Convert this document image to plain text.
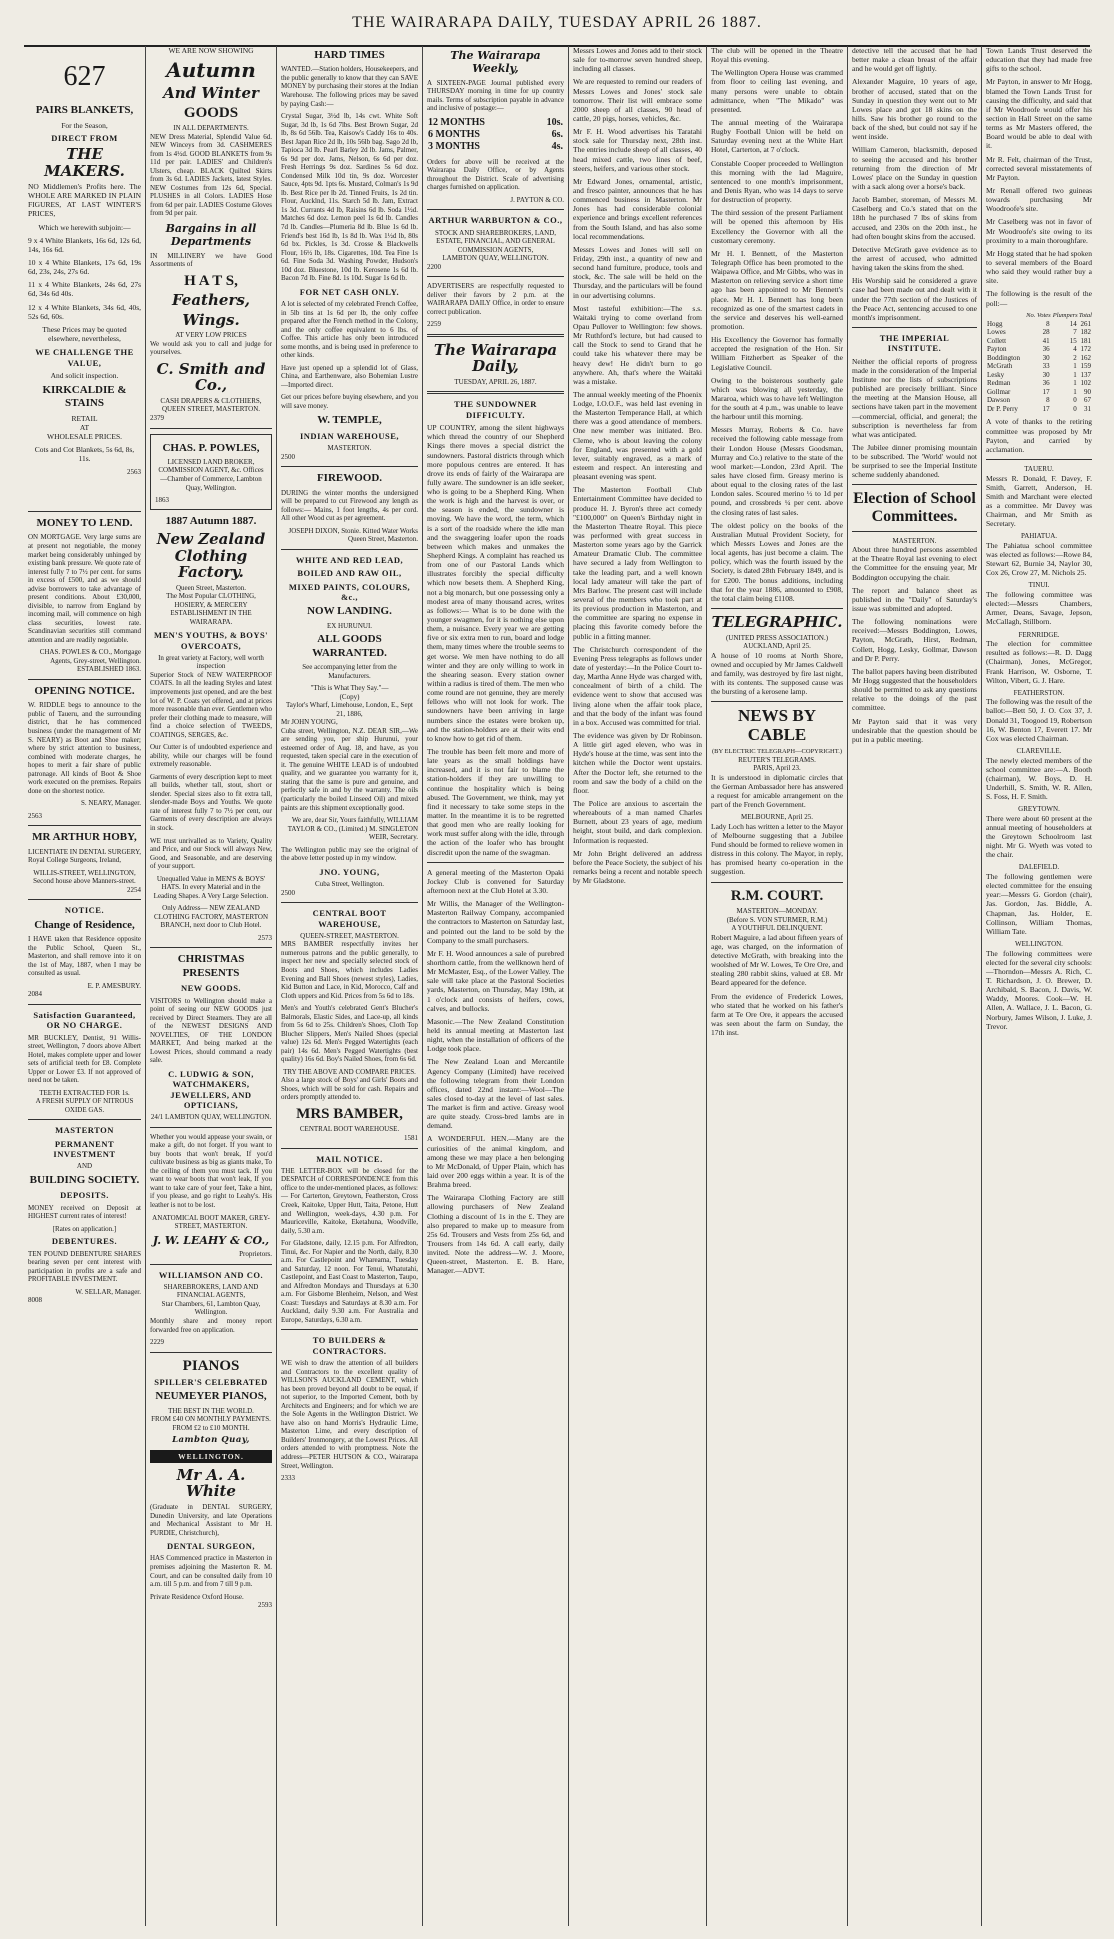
THE WAIRARAPA DAILY, TUESDAY APRIL 26 1887.
627
PAIRS BLANKETS,
For the Season,
DIRECT FROM
THE MAKERS.
NO Middlemen's Profits here. The WHOLE ARE MARKED IN PLAIN FIGURES, AT LAST WINTER'S PRICES,
Which we herewith subjoin:—
9 x 4 White Blankets, 16s 6d, 12s 6d, 14s, 16s 6d.
10 x 4 White Blankets, 17s 6d, 19s 6d, 23s, 24s, 27s 6d.
11 x 4 White Blankets, 24s 6d, 27s 6d, 34s 6d 40s.
12 x 4 White Blankets, 34s 6d, 40s, 52s 6d, 60s.
These Prices may be quoted elsewhere, nevertheless,
WE CHALLENGE THE VALUE,
And solicit inspection.
KIRKCALDIE & STAINS
RETAIL
AT
WHOLESALE PRICES.
Cots and Cot Blankets, 5s 6d, 8s, 11s.
2563
MONEY TO LEND.
ON MORTGAGE. Very large sums are at present not negotiable, the money market being considerably unhinged by existing bank pressure. We quote rate of interest fully 7 to 7½ per cent. for sums in excess of £500, and as we should advise borrowers to take advantage of present conditions. About £30,000, divisible, to narrow from England by incoming mail, will commence on high class securities, lowest rate. Scandinavian securities still command attention and are readily negotiable.
CHAS. POWLES & CO., Mortgage Agents, Grey-street, Wellington. ESTABLISHED 1863.
OPENING NOTICE.
W. RIDDLE begs to announce to the public of Taueru, and the surrounding district, that he has commenced business (under the management of Mr S. NEARY) as Boot and Shoe maker; where by strict attention to business, combined with moderate charges, he hopes to merit a fair share of public patronage. All kinds of Boot & Shoe work executed on the premises. Repairs done on the shortest notice.
S. NEARY, Manager.
2563
MR ARTHUR HOBY,
LICENTIATE IN DENTAL SURGERY, Royal College Surgeons, Ireland,
WILLIS-STREET, WELLINGTON,
Second house above Manners-street.
2254
NOTICE.
Change of Residence,
I HAVE taken that Residence opposite the Public School, Queen St., Masterton, and shall remove into it on the 1st of May, 1887, when I may be consulted as usual.
E. P. AMESBURY.
2084
Satisfaction Guaranteed, OR NO CHARGE.
MR BUCKLEY, Dentist, 91 Willis-street, Wellington, 7 doors above Albert Hotel, makes complete upper and lower sets of artificial teeth for £8. Complete Upper or Lower £3. If not approved of need not be taken.
TEETH EXTRACTED FOR 1s.
A FRESH SUPPLY OF NITROUS OXIDE GAS.
MASTERTON
PERMANENT INVESTMENT
AND
BUILDING SOCIETY.
DEPOSITS.
MONEY received on Deposit at HIGHEST current rates of interest!
[Rates on application.]
DEBENTURES.
TEN POUND DEBENTURE SHARES bearing seven per cent interest with participation in profits are a safe and PROFITABLE INVESTMENT.
W. SELLAR, Manager.
8008
WE ARE NOW SHOWING
Autumn
And Winter
GOODS
IN ALL DEPARTMENTS.
NEW Dress Material, Splendid Value 6d. NEW Winceys from 3d. CASHMERES from 1s 4½d. GOOD BLANKETS from 9s 11d per pair. LADIES' and Children's Ulsters, cheap. BLACK Quilted Skirts from 3s 6d. LADIES Jackets, latest Styles. NEW Costumes from 12s 6d, Special. PLUSHES in all Colors. LADIES Hose from 6d per pair. LADIES Costume Gloves from 9d per pair.
Bargains in all Departments
IN MILLINERY we have Good Assortments of
H A T S,
Feathers,
Wings.
AT VERY LOW PRICES
We would ask you to call and judge for yourselves.
C. Smith and Co.,
CASH DRAPERS & CLOTHIERS,
QUEEN STREET, MASTERTON.
2379
CHAS. P. POWLES,
LICENSED LAND BROKER, COMMISSION AGENT, &c. Offices—Chamber of Commerce, Lambton Quay, Wellington.
1863
1887 Autumn 1887.
New Zealand Clothing Factory.
Queen Street, Masterton.
The Most Popular CLOTHING, HOSIERY, & MERCERY ESTABLISHMENT IN THE WAIRARAPA.
MEN'S YOUTHS, & BOYS' OVERCOATS,
In great variety at Factory, well worth inspection
Superior Stock of NEW WATERPROOF COATS. In all the leading Styles and latest improvements just opened, and are the best lot of W. P. Coats yet offered, and at prices more reasonable than ever. Gentlemen who prefer their clothing made to measure, will find a choice selection of TWEEDS, COATINGS, SERGES, &c.
Our Cutter is of undoubted experience and ability, while our charges will be found extremely reasonable.
Garments of every description kept to meet all builds, whether tall, stout, short or slender. Special sizes also to fit extra tall, slender-made Boys and Youths. We quote rate of interest fully 7 to 7½ per cent, our Garments of every description are always in stock.
WE trust unrivalled as to Variety, Quality and Price, and our Stock will always New, Good, and Seasonable, and are deserving of your support.
Unequalled Value in MEN'S & BOYS' HATS. In every Material and in the Leading Shapes. A Very Large Selection.
Only Address— NEW ZEALAND CLOTHING FACTORY, MASTERTON BRANCH, next door to Club Hotel.
2573
CHRISTMAS PRESENTS
NEW GOODS.
VISITORS to Wellington should make a point of seeing our NEW GOODS just received by Direct Steamers. They are all of the NEWEST DESIGNS AND NOVELTIES, OF THE LONDON MARKET, And being marked at the Lowest Prices, should command a ready sale.
C. LUDWIG & SON, WATCHMAKERS, JEWELLERS, AND OPTICIANS,
24/1 LAMBTON QUAY, WELLINGTON.
Whether you would appease your swain, or make a gift, do not forget. If you want to buy boots that won't break, If you'd cultivate business as big as giants make, To the ceiling of them you must tack. If you want to wear boots that won't leak, If you want to take care of your feet, Take a hint, if you please, and go right to Leahy's. His leather is not to be lost.
ANATOMICAL BOOT MAKER, GREY-STREET, MASTERTON.
J. W. LEAHY & CO.,
Proprietors.
WILLIAMSON AND CO.
SHAREBROKERS, LAND AND FINANCIAL AGENTS,
Star Chambers, 61, Lambton Quay, Wellington.
Monthly share and money report forwarded free on application.
2229
PIANOS
SPILLER'S CELEBRATED
NEUMEYER PIANOS,
THE BEST IN THE WORLD.
FROM £40 ON MONTHLY PAYMENTS.
FROM £2 to £10 MONTH.
Lambton Quay,
WELLINGTON.
Mr A. A. White
(Graduate in DENTAL SURGERY, Dunedin University, and late Operations and Mechanical Assistant to Mr H. PURDIE, Christchurch),
DENTAL SURGEON,
HAS Commenced practice in Masterton in premises adjoining the Masterton R. M. Court, and can be consulted daily from 10 a.m. till 5 p.m. and from 7 till 9 p.m.
Private Residence Oxford House.
2593
HARD TIMES
WANTED.—Station holders, Housekeepers, and the public generally to know that they can SAVE MONEY by purchasing their stores at the Indian Warehouse. The following prices may be saved by paying Cash:—
Crystal Sugar, 3½d lb, 14s cwt. White Soft Sugar, 3d lb, 1s 6d 7lbs. Best Brown Sugar, 2d lb, 8s 6d 56lb. Tea, Kaisow's Caddy 16s to 40s. Best Japan Rice 2d lb, 10s 56lb bag. Sago 2d lb, Tapioca 3d lb. Pearl Barley 2d lb. Jams, Palmer, 6s 9d per doz. Jams, Nelson, 6s 6d per doz. Fresh Herrings 9s doz. Sardines 5s 6d doz. Condensed Milk 10d tin, 9s doz. Worcester Sauce, 4pts 9d. 1pts 6s. Mustard, Colman's 1s 9d lb. Best Rice per lb 2d. Tinned Fruits, 1s 2d tin. Flour, Aucklnd, 11s. Starch 5d lb. Jam, Extract 1s 3d. Currants 4d lb, Raisins 6d lb. Soda 1½d. Matches 6d doz. Lemon peel 1s 6d lb. Candles 7d lb. Candles—Plumeria 8d lb. Blue 1s 6d lb. Friend's best 16d lb, 1s 8d lb. Wax 1½d lb, 80s 6d bx. Pickles, 1s 3d. Crosse & Blackwells Flour, 16½ lb, 18s. Cigarettes, 10d. Tea Fine 1s 6d. Fine Soda 3d. Washing Powder, Hudson's 10d doz. Bluestone, 10d lb. Kerosene 1s 6d lb. Bacon 7d lb. Fine 8d. 1s 10d. Sugar 1s 6d lb.
FOR NET CASH ONLY.
A lot is selected of my celebrated French Coffee, in 5lb tins at 1s 6d per lb, the only coffee prepared after the French method in the Colony, and the only coffee equivalent to 6 lbs. of Coffee. This article has only been introduced some months, and is being used in preference to other kinds.
Have just opened up a splendid lot of Glass, China, and Earthenware, also Bohemian Lustre—Imported direct.
Get our prices before buying elsewhere, and you will save money.
W. TEMPLE,
INDIAN WAREHOUSE,
MASTERTON.
2500
FIREWOOD.
DURING the winter months the undersigned will be prepared to cut Firewood any length as follows:— Mains, 1 foot lengths, 4s per cord. All other Wood cut as per agreement.
JOSEPH DIXON, Stonie. Kitted Water Works Queen Street, Masterton.
WHITE AND RED LEAD,
BOILED AND RAW OIL,
MIXED PAINTS, COLOURS, &c.,
NOW LANDING.
EX HURUNUI.
ALL GOODS WARRANTED.
See accompanying letter from the Manufacturers.
"This is What They Say."—
(Copy)
Taylor's Wharf, Limehouse, London, E., Sept 21, 1886,
Mr JOHN YOUNG,
Cuba street, Wellington, N.Z. DEAR SIR,—We are sending you, per ship Hurunui, your esteemed order of Aug. 18, and have, as you requested, taken special care in the execution of it. The genuine WHITE LEAD is of undoubted quality, and we guarantee you warranty for it, stating that the same is pure and genuine, and perfectly safe in and by the warranty. The oils (particularly the boiled Linseed Oil) and mixed paints are this shipment exceptionally good.
We are, dear Sir, Yours faithfully, WILLIAM TAYLOR & CO., (Limited.) M. SINGLETON WEIR, Secretary.
The Wellington public may see the original of the above letter posted up in my window.
JNO. YOUNG,
Cuba Street, Wellington.
2500
CENTRAL BOOT WAREHOUSE,
QUEEN-STREET, MASTERTON.
MRS BAMBER respectfully invites her numerous patrons and the public generally, to inspect her new and specially selected stock of Boots and Shoes, which includes Ladies Evening and Ball Shoes (newest styles), Ladies, Kid Button and Lace, in Kid, Morocco, Calf and Cloth uppers and Kid. Prices from 5s 6d to 18s.
Men's and Youth's celebrated Gent's Blucher's Balmorals, Elastic Sides, and Lace-up, all kinds from 5s 6d to 25s. Children's Shoes, Cloth Top Blucher Slippers, Men's Nailed Shoes (special value) 12s 6d. Men's Pegged Watertights (each pair) 14s 6d. Men's Pegged Watertights (best quality) 16s 6d. Boy's Nailed Shoes, from 6s 6d.
TRY THE ABOVE AND COMPARE PRICES.
Also a large stock of Boys' and Girls' Boots and Shoes, which will be sold for cash. Repairs and orders promptly attended to.
MRS BAMBER,
CENTRAL BOOT WAREHOUSE.
1581
MAIL NOTICE.
THE LETTER-BOX will be closed for the DESPATCH of CORRESPONDENCE from this office to the under-mentioned places, as follows:— For Carterton, Greytown, Featherston, Cross Creek, Kaitoke, Upper Hutt, Taita, Petone, Hutt and Wellington, week-days, 4.30 p.m. For Mauriceville, Kaitoke, Eketahuna, Woodville, daily, 5.30 a.m.
For Gladstone, daily, 12.15 p.m. For Alfredton, Tinui, &c. For Napier and the North, daily, 8.30 a.m. For Castlepoint and Whareama, Tuesday and Saturday, 12 noon. For Tenui, Whatutahi, Castlepoint, and East Coast to Masterton, Taupo, and Alfredton Mondays and Thursdays at 6.30 a.m. For Gisborne Blenheim, Nelson, and West Coast: Tuesdays and Saturdays at 8.30 a.m. For Auckland, daily 9.30 a.m. For Australia and Europe, Saturdays, 6.30 a.m.
TO BUILDERS & CONTRACTORS.
WE wish to draw the attention of all builders and Contractors to the excellent quality of WILLSON'S AUCKLAND CEMENT, which has been proved beyond all doubt to be equal, if not superior, to the Imported Cement, both by Architects and Engineers; and for which we are the Sole Agents in the Wellington District. We have also on hand Morris's Hydraulic Lime, Masterton Lime, and every description of Builders' Ironmongery, at the Lowest Prices. All orders attended to with promptness. Note the address—PETER HUTSON & CO., Wairarapa Street, Wellington.
2333
The Wairarapa Weekly,
A SIXTEEN-PAGE Journal published every THURSDAY morning in time for up country mails. Terms of subscription payable in advance and inclusive of postage:—
12 MONTHS	10s.
6 MONTHS	6s.
3 MONTHS	4s.
Orders for above will be received at the Wairarapa Daily Office, or by Agents throughout the District. Scale of advertising charges furnished on application.
J. PAYTON & CO.
ARTHUR WARBURTON & CO.,
STOCK AND SHAREBROKERS, LAND, ESTATE, FINANCIAL, AND GENERAL COMMISSION AGENTS,
LAMBTON QUAY, WELLINGTON.
2200
ADVERTISERS are respectfully requested to deliver their favors by 2 p.m. at the WAIRARAPA DAILY Office, in order to ensure correct publication.
2259
The Wairarapa Daily,
TUESDAY, APRIL 26, 1887.
THE SUNDOWNER DIFFICULTY.
UP COUNTRY, among the silent highways which thread the country of our Shepherd Kings there moves a special district the sundowners. Pastoral districts through which more populous centres are entered. It has drove its ends of fairly of the Wairarapa are fully aware. The sundowner is an idle seeker, who is going to be a Shepherd King. When the work is high and the harvest is over, or the season is ended, the sundowner is moving. We have the word, the term, which is a sort of the roadside where the idle man and the swaggering loafer upon the roads between which makes and unmakes the Shepherd Kings. A complaint has reached us from one of our Pastoral Lands which illustrates forcibly the special difficulty which now besets them. A Shepherd King, not a big monarch, but one possessing only a modest area of many thousand acres, writes as follows:— What is to be done with the younger swagmen, for it is nothing else upon them, a nuisance. Every year we are getting five or six extra men to run, board and lodge them, many times where the trouble seems to get worse. We men have nothing to do all winter and they are only willing to work in the shearing season. Every station owner within a radius is tired of them. The men who come round are not genuine, they are merely fellows who will not look for work. The sundowners have been arriving in large numbers since the estates were broken up, and the station-holders are at their wits end to know how to get rid of them.
The trouble has been felt more and more of late years as the small holdings have increased, and it is not fair to blame the station-holders if they are unwilling to continue the hospitality which is being abused. The Government, we think, may yet find it necessary to take some steps in the matter. In the meantime it is to be regretted that good men who are really looking for work must suffer along with the idle, through the action of the loafer who has brought discredit upon the name of the swagman.
A general meeting of the Masterton Opaki Jockey Club is convened for Saturday afternoon next at the Club Hotel at 3.30.
Mr Willis, the Manager of the Wellington-Masterton Railway Company, accompanied the contractors to Masterton on Saturday last, and pointed out the land to be sold by the Company to the small purchasers.
Mr F. H. Wood announces a sale of purebred shorthorn cattle, from the wellknown herd of Mr McMaster, Esq., of the Lower Valley. The sale will take place at the Pastoral Societies yards, Masterton, on Thursday, May 19th, at 1 o'clock and consists of heifers, cows, calves, and bullocks.
Masonic.—The New Zealand Constitution held its annual meeting at Masterton last night, when the installation of officers of the Lodge took place.
The New Zealand Loan and Mercantile Agency Company (Limited) have received the following telegram from their London offices, dated 22nd instant:—Wool—The sales closed to-day at the level of last sales. The market is firm and active. Greasy wool are quite steady. Cross-bred lambs are in demand.
A WONDERFUL HEN.—Many are the curiosities of the animal kingdom, and among these we may place a hen belonging to Mr McDonald, of Upper Plain, which has laid over 200 eggs within a year. It is of the Brahma breed.
The Wairarapa Clothing Factory are still allowing purchasers of New Zealand Clothing a discount of 1s in the £. They are also prepared to make up to measure from 25s 6d. Trousers and Vests from 25s 6d, and Trousers from 14s 6d. A call early, daily invited. Note the address—W. J. Moore, Queen-street, Masterton. E. B. Hare, Manager.—ADVT.
Messrs Lowes and Jones add to their stock sale for to-morrow seven hundred sheep, including all classes.
We are requested to remind our readers of Messrs Lowes and Jones' stock sale tomorrow. Their list will embrace some 2000 sheep of all classes, 90 head of cattle, 20 pigs, horses, vehicles, &c.
Mr F. H. Wood advertises his Taratahi stock sale for Thursday next, 28th inst. The entries include sheep of all classes, 40 head mixed cattle, two lines of beef, steers, heifers, and various other stock.
Mr Edward Jones, ornamental, artistic, and fresco painter, announces that he has commenced business in Masterton. Mr Jones has had considerable colonial experience and brings excellent references from the South Island, and has also some local recommendations.
Messrs Lowes and Jones will sell on Friday, 29th inst., a quantity of new and second hand furniture, produce, tools and stock, &c. The sale will be held on the Thursday, and the particulars will be found in our advertising columns.
Most tasteful exhibition:—The s.s. Waitaki trying to come overland from Opau Pullover to Wellington: few shows. Mr Ruthford's lecture, but had caused to call the Stock to send to Grand that he could take his whatever there may be heavy dew! He didn't burn to go anywhere. Ah, that's where the Waitaki was a mistake.
The annual weekly meeting of the Phoenix Lodge, I.O.O.F., was held last evening in the Masterton Temperance Hall, at which there was a good attendance of members. One new member was initiated. Bro. Cleme, who is about leaving the colony for England, was presented with a gold lever, suitably engraved, as a mark of esteem and respect. An interesting and pleasant evening was spent.
The Masterton Football Club Entertainment Committee have decided to produce H. J. Byron's three act comedy "£100,000" on Queen's Birthday night in the Masterton Theatre Royal. This piece was performed with great success in Masterton some years ago by the Garrick Amateur Dramatic Club. The committee have secured a lady from Wellington to take the leading part, and a well known local lady amateur will take the part of Mrs Barlow. The present cast will include several of the members who took part at its previous production in Masterton, and the committee are sparing no expense in placing this favorite comedy before the public in a fitting manner.
The Christchurch correspondent of the Evening Press telegraphs as follows under date of yesterday:—In the Police Court to-day, Martha Anne Hyde was charged with, concealment of birth of a child. The evidence went to show that accused was living alone when the affair took place, and that the body of the infant was found in a box. Accused was committed for trial.
The evidence was given by Dr Robinson. A little girl aged eleven, who was in Hyde's house at the time, was sent into the kitchen while the Doctor went upstairs. After the Doctor left, she returned to the room and saw the body of a child on the floor.
The Police are anxious to ascertain the whereabouts of a man named Charles Burnett, about 23 years of age, medium height, stout build, and dark complexion. Information is requested.
Mr John Bright delivered an address before the Peace Society, the subject of his remarks being a recent and notable speech by Mr Gladstone.
The club will be opened in the Theatre Royal this evening.
The Wellington Opera House was crammed from floor to ceiling last evening, and many persons were unable to obtain admittance, when "The Mikado" was presented.
The annual meeting of the Wairarapa Rugby Football Union will be held on Saturday evening next at the White Hart Hotel, Carterton, at 7 o'clock.
Constable Cooper proceeded to Wellington this morning with the lad Maguire, sentenced to one month's imprisonment, and Denis Ryan, who was 14 days to serve for destruction of property.
The third session of the present Parliament will be opened this afternoon by His Excellency the Governor with all the customary ceremony.
Mr H. I. Bennett, of the Masterton Telegraph Office has been promoted to the Waipawa Office, and Mr Gibbs, who was in Masterton on relieving service a short time ago has been appointed to Mr Bennett's place. Mr H. I. Bennett has long been recognized as one of the smartest cadets in the service and deserves his well-earned promotion.
His Excellency the Governor has formally accepted the resignation of the Hon. Sir William Fitzherbert as Speaker of the Legislative Council.
Owing to the boisterous southerly gale which was blowing all yesterday, the Mararoa, which was to have left Wellington for the south at 4 p.m., was unable to leave the harbour until this morning.
Messrs Murray, Roberts & Co. have received the following cable message from their London House (Messrs Goodsman, Murray and Co.) relative to the state of the wool market:—London, 23rd April. The sales have closed firm. Greasy merino is about equal to the closing rates of the last London sales. Scoured merino ½ to 1d per pound, and crossbreds ¼ per cent. above the closing rates of last sales.
The oldest policy on the books of the Australian Mutual Provident Society, for which Messrs Lowes and Jones are the local agents, has just become a claim. The policy, which was the fourth issued by the Society, is dated 28th February 1849, and is for £200. The bonus additions, including that for the year 1886, amounted to £908, the total claim being £1108.
TELEGRAPHIC.
(UNITED PRESS ASSOCIATION.)
AUCKLAND, April 25.
A house of 10 rooms at North Shore, owned and occupied by Mr James Caldwell and family, was destroyed by fire last night, with its contents. The supposed cause was the bursting of a kerosene lamp.
NEWS BY CABLE
(BY ELECTRIC TELEGRAPH—COPYRIGHT.)
REUTER'S TELEGRAMS.
PARIS, April 23.
It is understood in diplomatic circles that the German Ambassador here has answered a request for amicable arrangement on the part of the French Government.
MELBOURNE, April 25.
Lady Loch has written a letter to the Mayor of Melbourne suggesting that a Jubilee Fund should be formed to relieve women in distress in this colony. The Mayor, in reply, has promised hearty co-operation in the suggestion.
R.M. COURT.
MASTERTON—MONDAY.
(Before S. VON STURMER, R.M.)
A YOUTHFUL DELINQUENT.
Robert Maguire, a lad about fifteen years of age, was charged, on the information of detective McGrath, with breaking into the woolshed of Mr W. Lowes, Te Ore Ore, and stealing 280 rabbit skins, valued at £8. Mr Beard appeared for the defence.
From the evidence of Frederick Lowes, who stated that he worked on his father's farm at Te Ore Ore, it appears the accused was seen about the farm on Sunday, the 17th inst.
detective tell the accused that he had better make a clean breast of the affair and he would get off lightly.
Alexander Maguire, 10 years of age, brother of accused, stated that on the Sunday in question they went out to Mr Lowes place and got 18 skins on the hills. Saw his brother go round to the back of the shed, but could not say if he went inside.
William Cameron, blacksmith, deposed to seeing the accused and his brother returning from the direction of Mr Lowes' place on the Sunday in question with a sack along over a horse's back.
Jacob Bamber, storeman, of Messrs M. Caselberg and Co.'s stated that on the 18th he purchased 7 lbs of skins from accused, and 230s on the 20th inst., he had often bought skins from the accused.
Detective McGrath gave evidence as to the arrest of accused, who admitted having taken the skins from the shed.
His Worship said he considered a grave case had been made out and dealt with it under the 77th section of the Justices of the Peace Act, sentencing accused to one month's imprisonment.
THE IMPERIAL INSTITUTE.
Neither the official reports of progress made in the consideration of the Imperial Institute nor the lists of subscriptions published are precisely brilliant. Since the meeting at the Mansion House, all sections have taken part in the movement—commercial, official, and general; the subscription is nevertheless far from what was anticipated.
The Jubilee dinner promising mountain to be subscribed. The 'World' would not be surprised to see the Imperial Institute scheme suddenly abandoned.
Election of School Committees.
MASTERTON.
About three hundred persons assembled at the Theatre Royal last evening to elect the Committee for the ensuing year, Mr Boddington occupying the chair.
The report and balance sheet as published in the "Daily" of Saturday's issue was submitted and adopted.
The following nominations were received:—Messrs Boddington, Lowes, Payton, McGrath, Hirst, Redman, Collett, Hogg, Lesky, Gollmar, Dawson and Dr P. Perry.
The ballot papers having been distributed Mr Hogg suggested that the householders should be permitted to ask any questions relative to the doings of the past committee.
Mr Payton said that it was very undesirable that the question should be put in a public meeting.
Town Lands Trust deserved the education that they had made free gifts to the school.
Mr Payton, in answer to Mr Hogg, blamed the Town Lands Trust for causing the difficulty, and said that if Mr Woodroofe would offer his section in Hall Street on the same terms as Mr Masters offered, the Board would be able to deal with it.
Mr R. Felt, chairman of the Trust, corrected several misstatements of Mr Payton.
Mr Renall offered two guineas towards purchasing Mr Woodroofe's site.
Mr Caselberg was not in favor of Mr Woodroofe's site owing to its proximity to a main thoroughfare.
Mr Hogg stated that he had spoken to several members of the Board who said they would rather buy a site.
The following is the result of the poll:—
	No. Votes	Plumpers	Total
Hogg	8	14	261
Lowes	28	7	182
Collett	41	15	181
Payton	36	4	172
Boddington	30	2	162
McGrath	33	1	159
Lesky	30	1	137
Redman	36	1	102
Gollmar	17	1	90
Dawson	8	0	67
Dr P. Perry	17	0	31
A vote of thanks to the retiring committee was proposed by Mr Payton, and carried by acclamation.
TAUERU.
Messrs R. Donald, F. Davey, F. Smith, Garrett, Anderson, H. Smith and Marchant were elected as a committee. Mr Davey was Chairman, and Mr Smith as Secretary.
PAHIATUA.
The Pahiatua school committee was elected as follows:—Rowe 84, Stewart 62, Burnie 34, Naylor 30, Cox 26, Crow 27, M. Nichols 25.
TINUI.
The following committee was elected:—Messrs Chambers, Armer, Deans, Savage, Jepson, McCallagh, Stillborn.
FERNRIDGE.
The election for committee resulted as follows:—R. D. Dagg (Chairman), Jones, McGregor, Frank Harrison, W. Osborne, T. Wilton, Vibert, G. J. Hare.
FEATHERSTON.
The following was the result of the ballot:—Bett 50, J. O. Cox 37, J. Donald 31, Toogood 19, Robertson 16, W. Benton 17, Everett 17. Mr Cox was elected Chairman.
CLAREVILLE.
The newly elected members of the school committee are:—A. Booth (chairman), W. Boys, D. H. Underhill, S. Smith, W. R. Allen, S. Foss, H. F. Smith.
GREYTOWN.
There were about 60 present at the annual meeting of householders at the Greytown Schoolroom last night. Mr G. Wyeth was voted to the chair.
DALEFIELD.
The following gentlemen were elected committee for the ensuing year:—Messrs G. Gordon (chair), Jas. Gordon, Jas. Biddle, A. Chapman, Jas. Holder, E. Collinson, William Thomas, William Tate.
WELLINGTON.
The following committees were elected for the several city schools:—Thorndon—Messrs A. Rich, C. T. Richardson, J. O. Brewer, D. Archibald, S. Bacon, J. Davis, W. Waddy, Moores. Cook—W. H. Allen, A. Wallace, J. L. Bacon, G. Norbury, James Wilson, J. Luke, J. Trevor.
